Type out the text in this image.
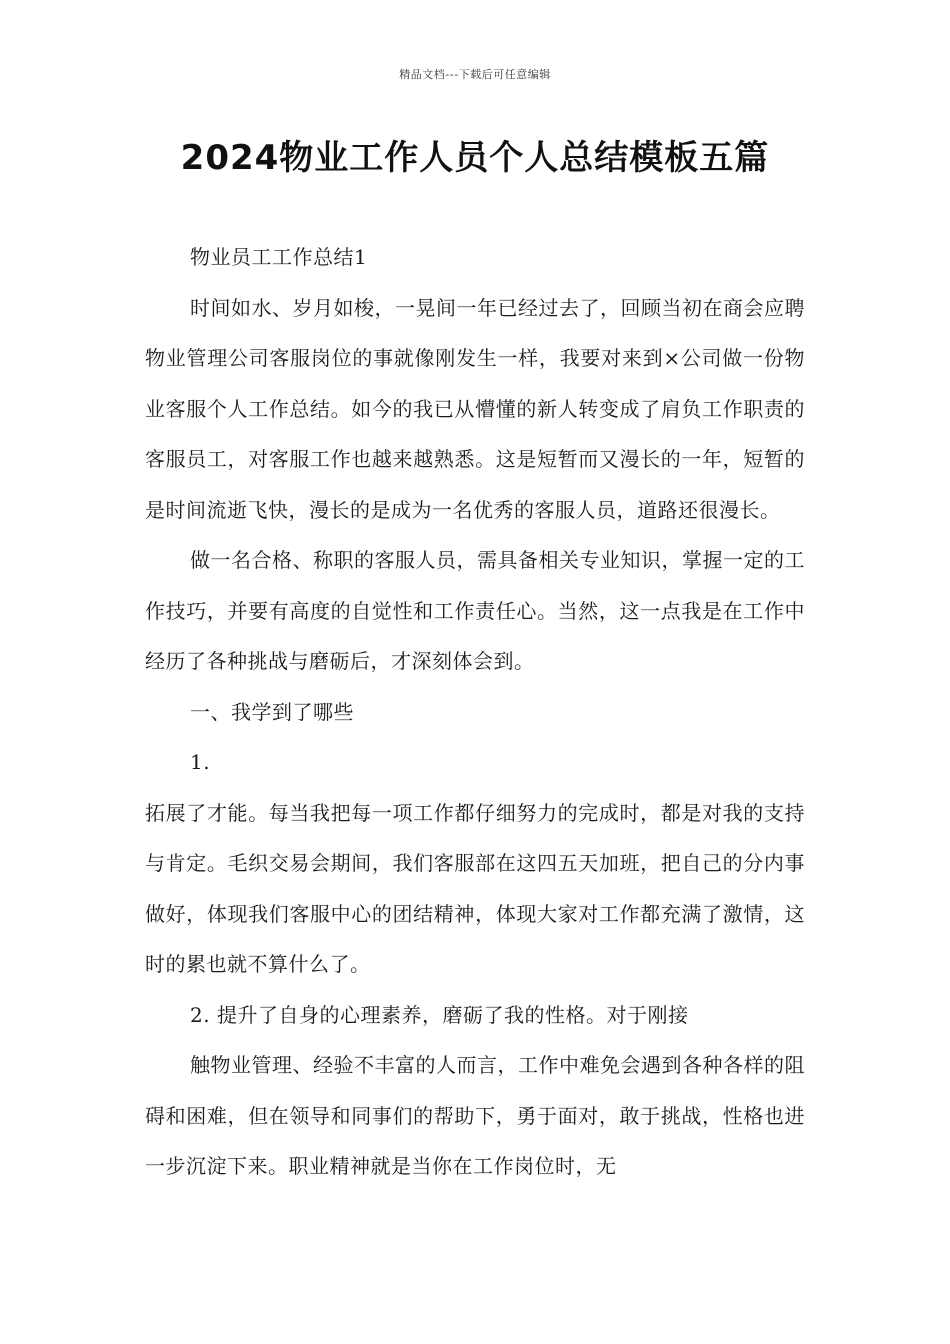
精品文档---下载后可任意编辑
2024物业工作人员个人总结模板五篇

物业员工工作总结1

时间如水、岁月如梭，一晃间一年已经过去了，回顾当初在商会应聘物业管理公司客服岗位的事就像刚发生一样，我要对来到×公司做一份物业客服个人工作总结。如今的我已从懵懂的新人转变成了肩负工作职责的客服员工，对客服工作也越来越熟悉。这是短暂而又漫长的一年，短暂的是时间流逝飞快，漫长的是成为一名优秀的客服人员，道路还很漫长。

做一名合格、称职的客服人员，需具备相关专业知识，掌握一定的工作技巧，并要有高度的自觉性和工作责任心。当然，这一点我是在工作中经历了各种挑战与磨砺后，才深刻体会到。

一、我学到了哪些

1.

拓展了才能。每当我把每一项工作都仔细努力的完成时，都是对我的支持与肯定。毛织交易会期间，我们客服部在这四五天加班，把自己的分内事做好，体现我们客服中心的团结精神，体现大家对工作都充满了激情，这时的累也就不算什么了。

2. 提升了自身的心理素养，磨砺了我的性格。对于刚接

触物业管理、经验不丰富的人而言，工作中难免会遇到各种各样的阻碍和困难，但在领导和同事们的帮助下，勇于面对，敢于挑战，性格也进一步沉淀下来。职业精神就是当你在工作岗位时，无
